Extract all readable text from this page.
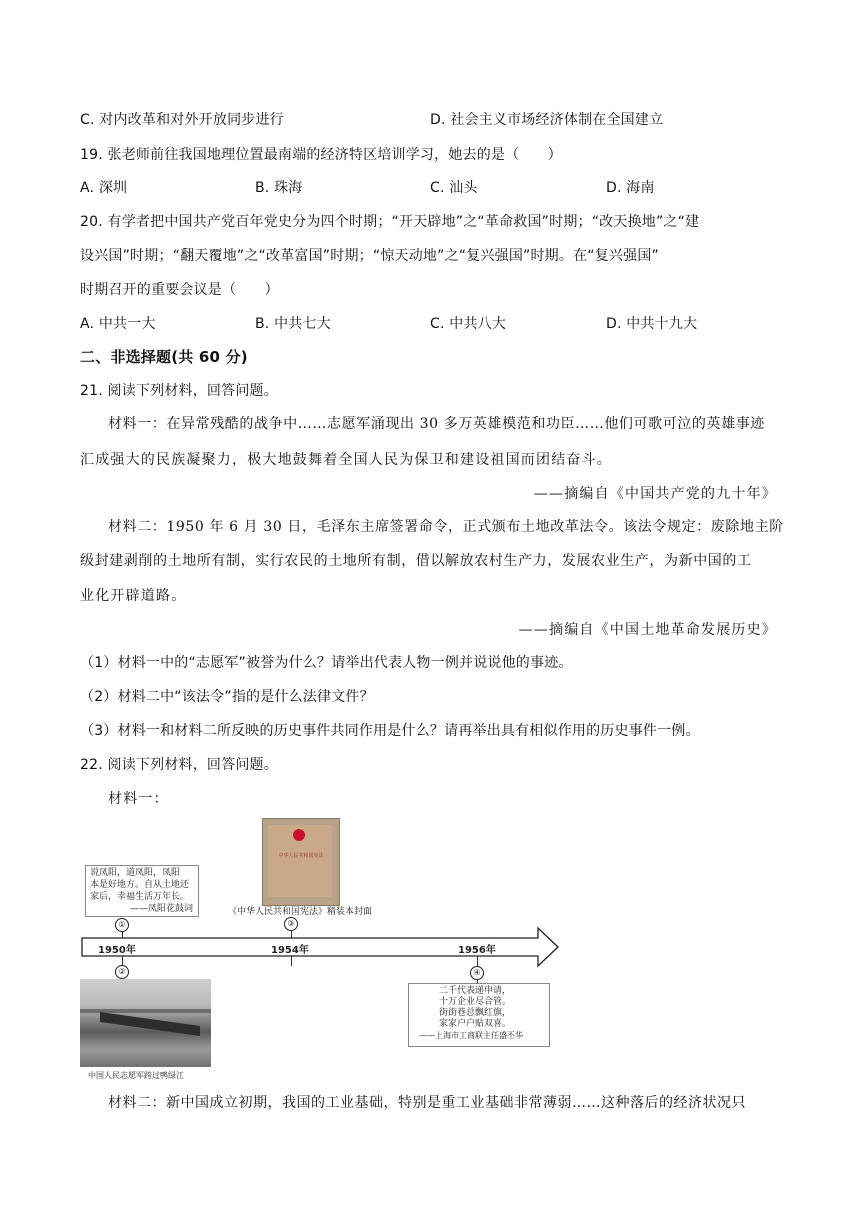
C. 对内改革和对外开放同步进行	D. 社会主义市场经济体制在全国建立
19. 张老师前往我国地理位置最南端的经济特区培训学习，她去的是（　　）
A. 深圳	B. 珠海	C. 汕头	D. 海南
20. 有学者把中国共产党百年党史分为四个时期；“开天辟地”之“革命救国”时期；“改天换地”之“建
设兴国”时期；“翻天覆地”之“改革富国”时期；“惊天动地”之“复兴强国”时期。在“复兴强国”
时期召开的重要会议是（　　）
A. 中共一大	B. 中共七大	C. 中共八大	D. 中共十九大
二、非选择题(共 60 分)
21. 阅读下列材料，回答问题。
材料一：在异常残酷的战争中……志愿军涌现出 30 多万英雄模范和功臣……他们可歌可泣的英雄事迹
汇成强大的民族凝聚力，极大地鼓舞着全国人民为保卫和建设祖国而团结奋斗。
——摘编自《中国共产党的九十年》
材料二：1950 年 6 月 30 日，毛泽东主席签署命令，正式颁布土地改革法令。该法令规定：废除地主阶
级封建剥削的土地所有制，实行农民的土地所有制，借以解放农村生产力，发展农业生产，为新中国的工
业化开辟道路。
——摘编自《中国土地革命发展历史》
（1）材料一中的“志愿军”被誉为什么？请举出代表人物一例并说说他的事迹。
（2）材料二中“该法令”指的是什么法律文件？
（3）材料一和材料二所反映的历史事件共同作用是什么？请再举出具有相似作用的历史事件一例。
22. 阅读下列材料，回答问题。
材料一：
说凤阳，道凤阳，凤阳
本是好地方。自从土地还
家后，幸福生活万年长。
——凤阳花鼓词
①
中华人民共和国宪法
《中华人民共和国宪法》精装本封面
③
1950年	1954年	1956年
②
中国人民志愿军跨过鸭绿江
④
二千代表递申请，
十万企业尽合管。
街街巷总飘红旗，
家家户户贴双喜。
——上海市工商联主任盛丕华
材料二：新中国成立初期，我国的工业基础，特别是重工业基础非常薄弱……这种落后的经济状况只
